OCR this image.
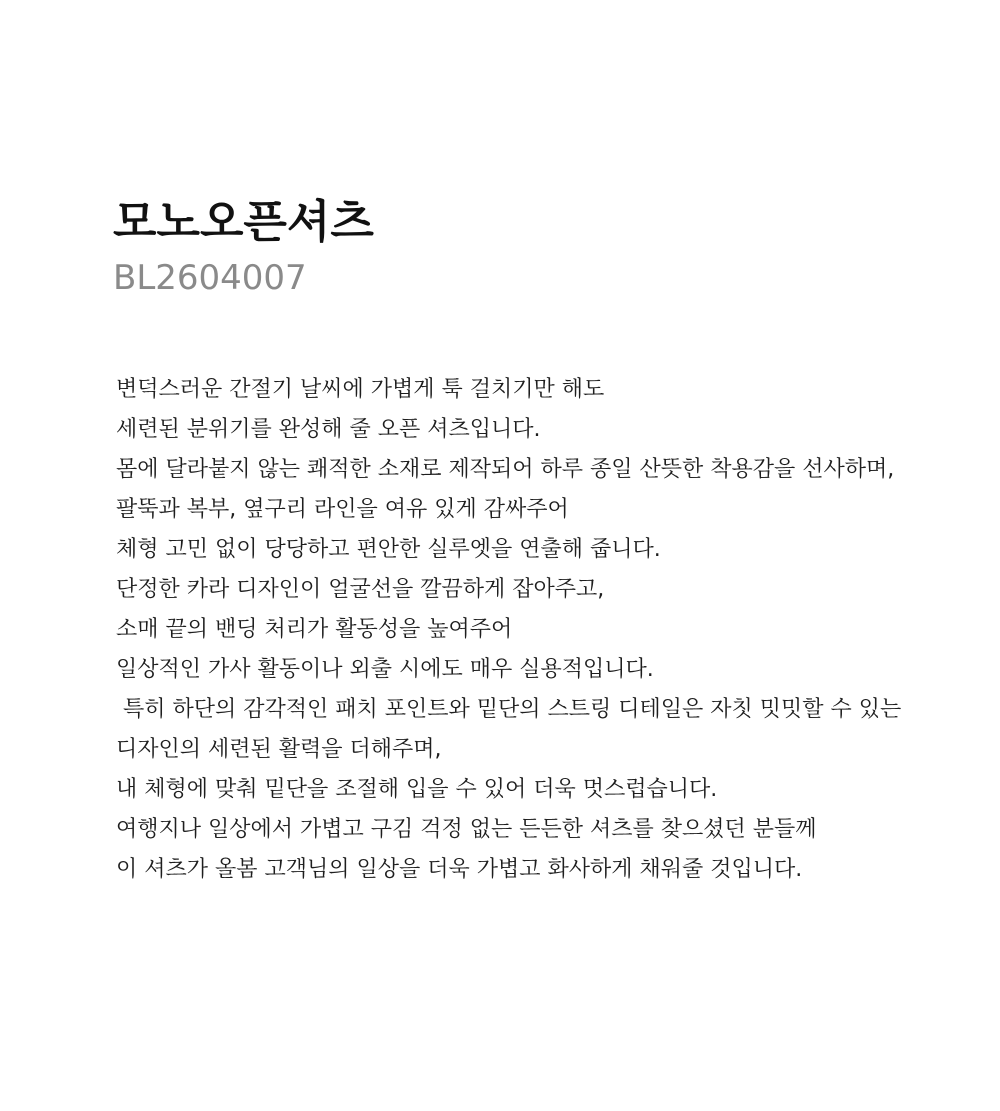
모노오픈셔츠
BL2604007
변덕스러운 간절기 날씨에 가볍게 툭 걸치기만 해도
세련된 분위기를 완성해 줄 오픈 셔츠입니다.
몸에 달라붙지 않는 쾌적한 소재로 제작되어 하루 종일 산뜻한 착용감을 선사하며,
팔뚝과 복부, 옆구리 라인을 여유 있게 감싸주어
체형 고민 없이 당당하고 편안한 실루엣을 연출해 줍니다.
단정한 카라 디자인이 얼굴선을 깔끔하게 잡아주고,
소매 끝의 밴딩 처리가 활동성을 높여주어
일상적인 가사 활동이나 외출 시에도 매우 실용적입니다.
특히 하단의 감각적인 패치 포인트와 밑단의 스트링 디테일은 자칫 밋밋할 수 있는
디자인의 세련된 활력을 더해주며,
내 체형에 맞춰 밑단을 조절해 입을 수 있어 더욱 멋스럽습니다.
여행지나 일상에서 가볍고 구김 걱정 없는 든든한 셔츠를 찾으셨던 분들께
이 셔츠가 올봄 고객님의 일상을 더욱 가볍고 화사하게 채워줄 것입니다.
